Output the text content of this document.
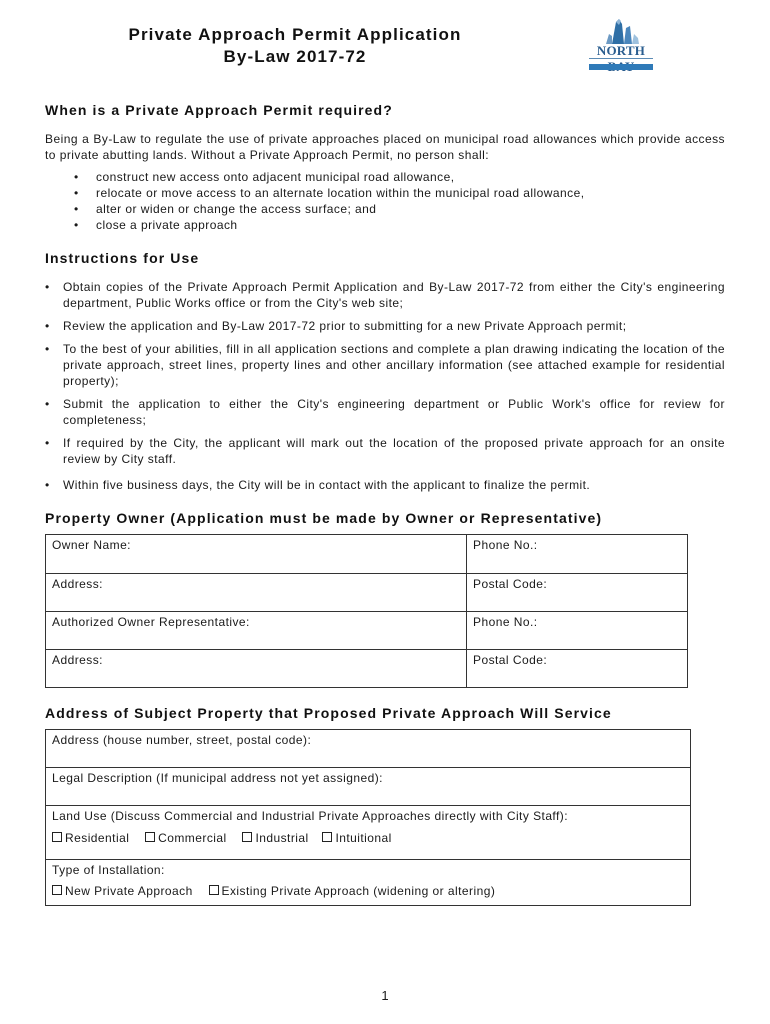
Private Approach Permit Application
By-Law 2017-72	NORTH
When is a Private Approach Permit required?
Being a By-Law to regulate the use of private approaches placed on municipal road allowances which provide access to private abutting lands. Without a Private Approach Permit, no person shall:
• construct new access onto adjacent municipal road allowance,
• relocate or move access to an alternate location within the municipal road allowance,
• alter or widen or change the access surface; and
• close a private approach
Instructions for Use
• Obtain copies of the Private Approach Permit Application and By-Law 2017-72 from either the City's engineering department, Public Works office or from the City's web site;
• Review the application and By-Law 2017-72 prior to submitting for a new Private Approach permit;
• To the best of your abilities, fill in all application sections and complete a plan drawing indicating the location of the private approach, street lines, property lines and other ancillary information (see attached example for residential property);
• Submit the application to either the City's engineering department or Public Work's office for review for completeness;
• If required by the City, the applicant will mark out the location of the proposed private approach for an onsite review by City staff.
• Within five business days, the City will be in contact with the applicant to finalize the permit.
Property Owner (Application must be made by Owner or Representative)
Owner Name:	Phone No.:
Address:	Postal Code:
Authorized Owner Representative:	Phone No.:
Address:	Postal Code:
Address of Subject Property that Proposed Private Approach Will Service
Address (house number, street, postal code):
Legal Description (If municipal address not yet assigned):

Land Use (Discuss Commercial and Industrial Private Approaches directly with City Staff):
Residential Commercial Industrial Intuitional

Type of Installation:
New Private Approach Existing Private Approach (widening or altering)
1
